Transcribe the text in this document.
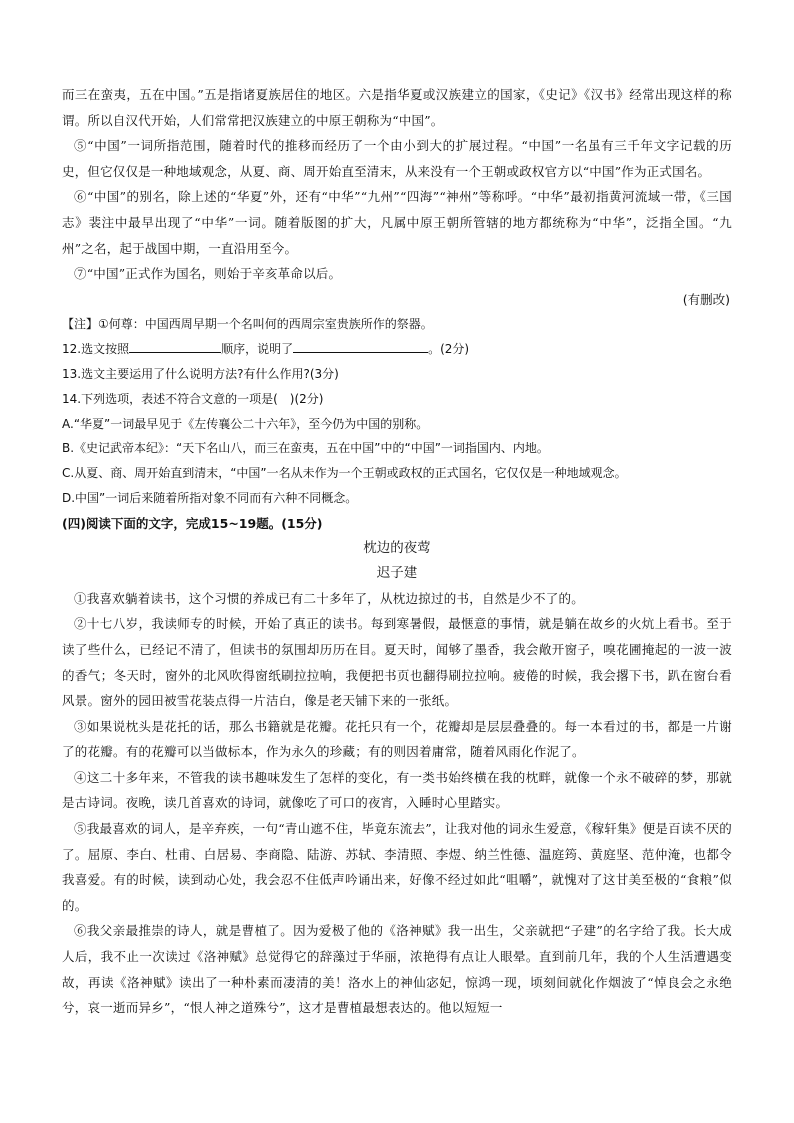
而三在蛮夷，五在中国。”五是指诸夏族居住的地区。六是指华夏或汉族建立的国家，《史记》《汉书》经常出现这样的称谓。所以自汉代开始，人们常常把汉族建立的中原王朝称为“中国”。

⑤“中国”一词所指范围，随着时代的推移而经历了一个由小到大的扩展过程。“中国”一名虽有三千年文字记载的历史，但它仅仅是一种地域观念，从夏、商、周开始直至清末，从来没有一个王朝或政权官方以“中国”作为正式国名。

⑥“中国”的别名，除上述的“华夏”外，还有“中华”“九州”“四海”“神州”等称呼。“中华”最初指黄河流域一带，《三国志》裴注中最早出现了“中华”一词。随着版图的扩大，凡属中原王朝所管辖的地方都统称为“中华”，泛指全国。“九州”之名，起于战国中期，一直沿用至今。

⑦“中国”正式作为国名，则始于辛亥革命以后。

(有删改)

【注】①何尊：中国西周早期一个名叫何的西周宗室贵族所作的祭器。

12.选文按照	顺序，说明了	。(2分)

13.选文主要运用了什么说明方法?有什么作用?(3分)

14.下列选项，表述不符合文意的一项是(　)(2分)

A.“华夏”一词最早见于《左传襄公二十六年》，至今仍为中国的别称。

B.《史记武帝本纪》：“天下名山八，而三在蛮夷，五在中国”中的“中国”一词指国内、内地。

C.从夏、商、周开始直到清末，“中国”一名从未作为一个王朝或政权的正式国名，它仅仅是一种地域观念。

D.中国”一词后来随着所指对象不同而有六种不同概念。

(四)阅读下面的文字，完成15~19题。(15分)

枕边的夜莺

迟子建

①我喜欢躺着读书，这个习惯的养成已有二十多年了，从枕边掠过的书，自然是少不了的。

②十七八岁，我读师专的时候，开始了真正的读书。每到寒暑假，最惬意的事情，就是躺在故乡的火炕上看书。至于读了些什么，已经记不清了，但读书的氛围却历历在目。夏天时，闻够了墨香，我会敞开窗子，嗅花圃掩起的一波一波的香气；冬天时，窗外的北风吹得窗纸刷拉拉响，我便把书页也翻得刷拉拉响。疲倦的时候，我会撂下书，趴在窗台看风景。窗外的园田被雪花装点得一片洁白，像是老天铺下来的一张纸。

③如果说枕头是花托的话，那么书籍就是花瓣。花托只有一个，花瓣却是层层叠叠的。每一本看过的书，都是一片谢了的花瓣。有的花瓣可以当做标本，作为永久的珍藏；有的则因着庸常，随着风雨化作泥了。

④这二十多年来，不管我的读书趣味发生了怎样的变化，有一类书始终横在我的枕畔，就像一个永不破碎的梦，那就是古诗词。夜晚，读几首喜欢的诗词，就像吃了可口的夜宵，入睡时心里踏实。

⑤我最喜欢的词人，是辛弃疾，一句“青山遮不住，毕竟东流去”，让我对他的词永生爱意，《稼轩集》便是百读不厌的了。屈原、李白、杜甫、白居易、李商隐、陆游、苏轼、李清照、李煜、纳兰性德、温庭筠、黄庭坚、范仲淹，也都令我喜爱。有的时候，读到动心处，我会忍不住低声吟诵出来，好像不经过如此“咀嚼”，就愧对了这甘美至极的“食粮”似的。

⑥我父亲最推崇的诗人，就是曹植了。因为爱极了他的《洛神赋》我一出生，父亲就把“子建”的名字给了我。长大成人后，我不止一次读过《洛神赋》总觉得它的辞藻过于华丽，浓艳得有点让人眼晕。直到前几年，我的个人生活遭遇变故，再读《洛神赋》读出了一种朴素而凄清的美！洛水上的神仙宓妃，惊鸿一现，顷刻间就化作烟波了“悼良会之永绝兮，哀一逝而异乡”，“恨人神之道殊兮”，这才是曹植最想表达的。他以短短一
